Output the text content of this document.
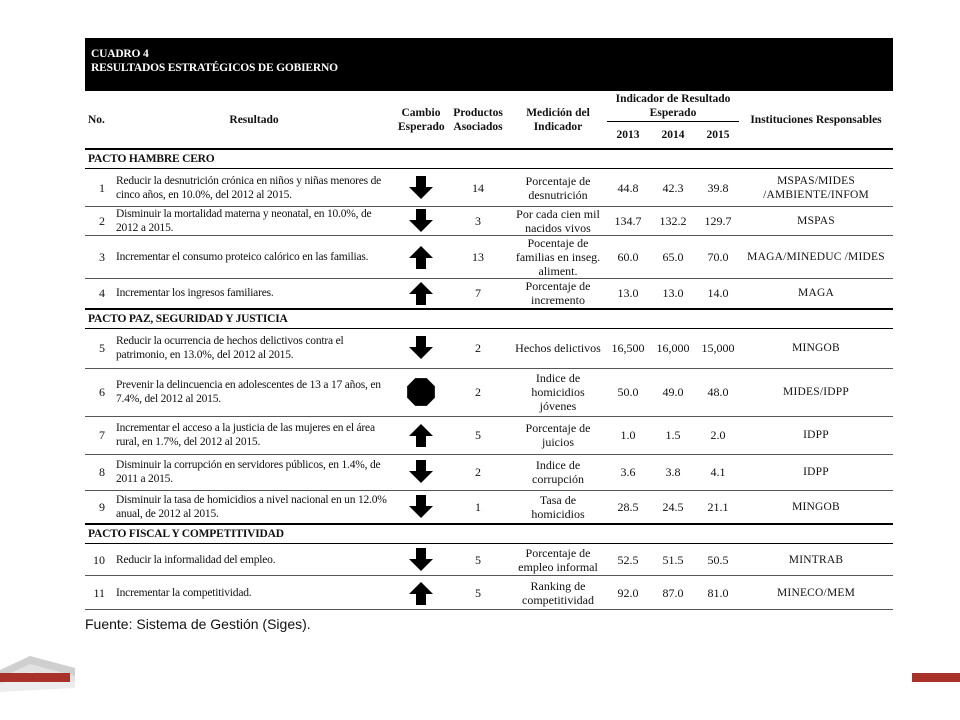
CUADRO 4
RESULTADOS ESTRATÉGICOS DE GOBIERNO
No.	Resultado	Cambio Esperado	Productos Asociados	Medición del Indicador	Indicador de Resultado Esperado			Instituciones Responsables
					2013	2014	2015	
PACTO HAMBRE CERO								
1	Reducir la desnutrición crónica en niños y niñas menores de cinco años, en 10.0%, del 2012 al 2015.		14	Porcentaje de desnutrición	44.8	42.3	39.8	MSPAS/MIDES /AMBIENTE/INFOM
2	Disminuir la mortalidad materna y neonatal, en 10.0%, de 2012 a 2015.		3	Por cada cien mil nacidos vivos	134.7	132.2	129.7	MSPAS
3	Incrementar el consumo proteico calórico en las familias.		13	Pocentaje de familias en inseg. aliment.	60.0	65.0	70.0	MAGA/MINEDUC /MIDES
4	Incrementar los ingresos familiares.		7	Porcentaje de incremento	13.0	13.0	14.0	MAGA
PACTO PAZ, SEGURIDAD Y JUSTICIA								
5	Reducir la ocurrencia de hechos delictivos contra el patrimonio, en 13.0%, del 2012 al 2015.		2	Hechos delictivos	16,500	16,000	15,000	MINGOB
6	Prevenir la delincuencia en adolescentes de 13 a 17 años, en 7.4%, del 2012 al 2015.		2	Indice de homicidios jóvenes	50.0	49.0	48.0	MIDES/IDPP
7	Incrementar el acceso a la justicia de las mujeres en el área rural, en 1.7%, del 2012 al 2015.		5	Porcentaje de juicios	1.0	1.5	2.0	IDPP
8	Disminuir la corrupción en servidores públicos, en 1.4%, de 2011 a 2015.		2	Indice de corrupción	3.6	3.8	4.1	IDPP
9	Disminuir la tasa de homicidios a nivel nacional en un 12.0% anual, de 2012 al 2015.		1	Tasa de homicidios	28.5	24.5	21.1	MINGOB
PACTO FISCAL Y COMPETITIVIDAD								
10	Reducir la informalidad del empleo.		5	Porcentaje de empleo informal	52.5	51.5	50.5	MINTRAB
11	Incrementar la competitividad.		5	Ranking de competitividad	92.0	87.0	81.0	MINECO/MEM
Fuente: Sistema de Gestión (Siges).
